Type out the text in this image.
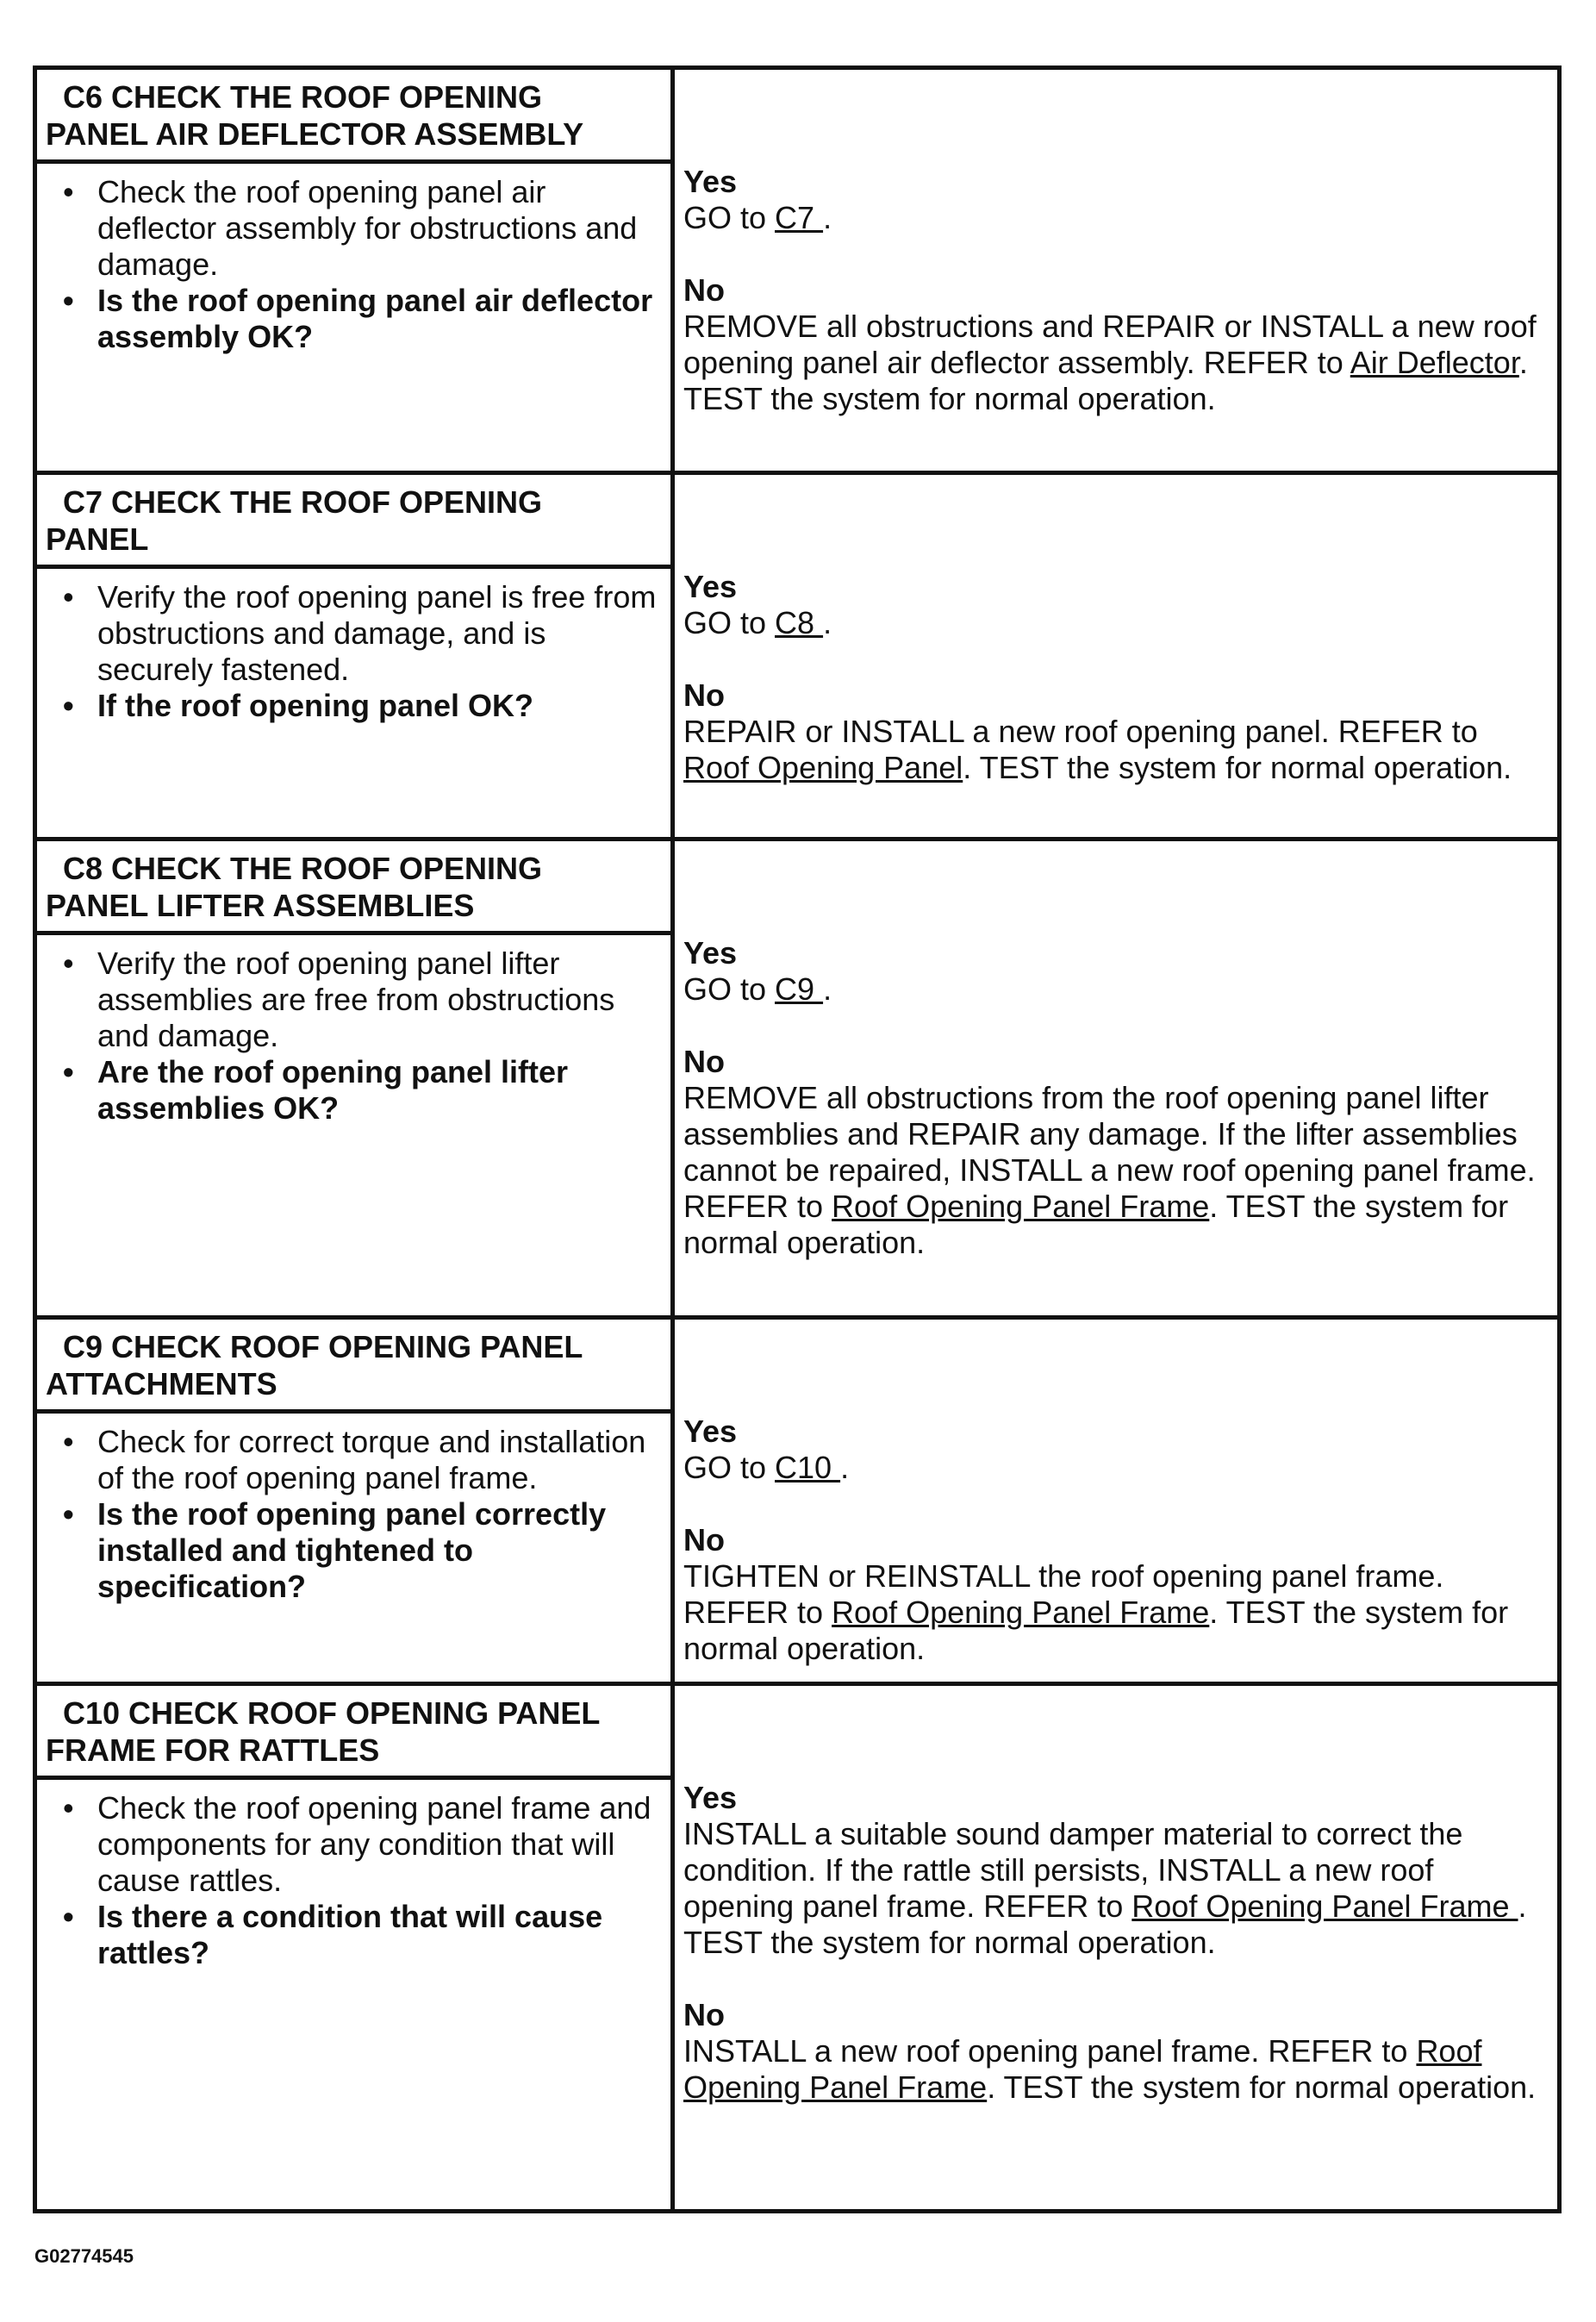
C6 CHECK THE ROOF OPENING
PANEL AIR DEFLECTOR ASSEMBLY
• Check the roof opening panel air deflector assembly for obstructions and damage.
• Is the roof opening panel air deflector assembly OK?
Yes
GO to C7 .
No
REMOVE all obstructions and REPAIR or INSTALL a new roof opening panel air deflector assembly. REFER to Air Deflector. TEST the system for normal operation.
C7 CHECK THE ROOF OPENING
PANEL
• Verify the roof opening panel is free from obstructions and damage, and is securely fastened.
• If the roof opening panel OK?
Yes
GO to C8 .
No
REPAIR or INSTALL a new roof opening panel. REFER to Roof Opening Panel. TEST the system for normal operation.
C8 CHECK THE ROOF OPENING
PANEL LIFTER ASSEMBLIES
• Verify the roof opening panel lifter assemblies are free from obstructions and damage.
• Are the roof opening panel lifter assemblies OK?
Yes
GO to C9 .
No
REMOVE all obstructions from the roof opening panel lifter assemblies and REPAIR any damage. If the lifter assemblies cannot be repaired, INSTALL a new roof opening panel frame. REFER to Roof Opening Panel Frame. TEST the system for normal operation.
C9 CHECK ROOF OPENING PANEL
ATTACHMENTS
• Check for correct torque and installation of the roof opening panel frame.
• Is the roof opening panel correctly installed and tightened to specification?
Yes
GO to C10 .
No
TIGHTEN or REINSTALL the roof opening panel frame. REFER to Roof Opening Panel Frame. TEST the system for normal operation.
C10 CHECK ROOF OPENING PANEL
FRAME FOR RATTLES
• Check the roof opening panel frame and components for any condition that will cause rattles.
• Is there a condition that will cause rattles?
Yes
INSTALL a suitable sound damper material to correct the condition. If the rattle still persists, INSTALL a new roof opening panel frame. REFER to Roof Opening Panel Frame . TEST the system for normal operation.
No
INSTALL a new roof opening panel frame. REFER to Roof Opening Panel Frame. TEST the system for normal operation.
G02774545
